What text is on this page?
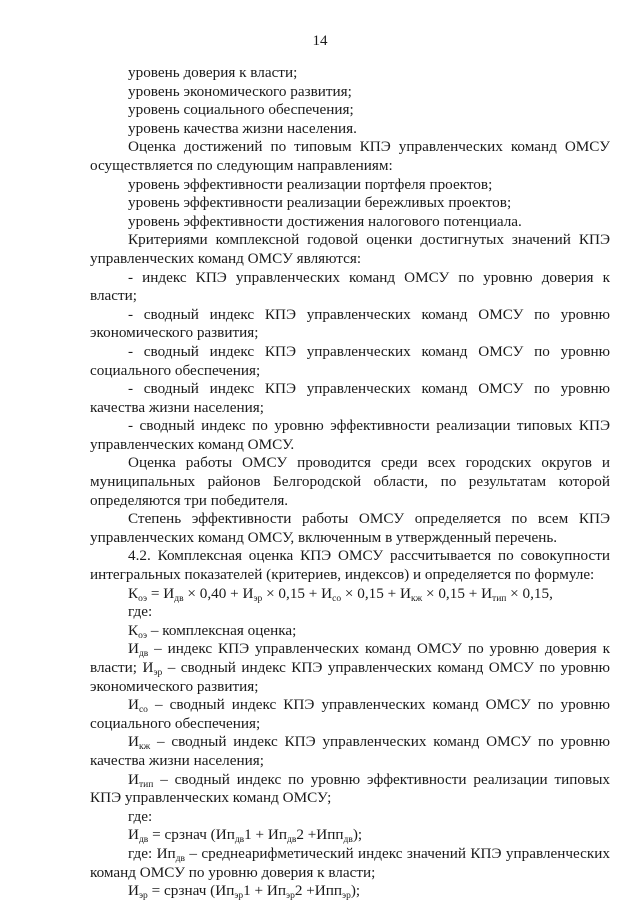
14

уровень доверия к власти;

уровень экономического развития;

уровень социального обеспечения;

уровень качества жизни населения.

Оценка достижений по типовым КПЭ управленческих команд ОМСУ осуществляется по следующим направлениям:

уровень эффективности реализации портфеля проектов;

уровень эффективности реализации бережливых проектов;

уровень эффективности достижения налогового потенциала.

Критериями комплексной годовой оценки достигнутых значений КПЭ управленческих команд ОМСУ являются:

- индекс КПЭ управленческих команд ОМСУ по уровню доверия к власти;

- сводный индекс КПЭ управленческих команд ОМСУ по уровню экономического развития;

- сводный индекс КПЭ управленческих команд ОМСУ по уровню социального обеспечения;

- сводный индекс КПЭ управленческих команд ОМСУ по уровню качества жизни населения;

- сводный индекс по уровню эффективности реализации типовых КПЭ управленческих команд ОМСУ.

Оценка работы ОМСУ проводится среди всех городских округов и муниципальных районов Белгородской области, по результатам которой определяются три победителя.

Степень эффективности работы ОМСУ определяется по всем КПЭ управленческих команд ОМСУ, включенным в утвержденный перечень.

4.2. Комплексная оценка КПЭ ОМСУ рассчитывается по совокупности интегральных показателей (критериев, индексов) и определяется по формуле:

$К_{оэ} = И_{дв} \times 0,40 + И_{эр} \times 0,15 + И_{со} \times 0,15 + И_{кж} \times 0,15 + И_{тип} \times 0,15$,

где:

$К_{оэ}$ – комплексная оценка;

$И_{дв}$ – индекс КПЭ управленческих команд ОМСУ по уровню доверия к власти; $И_{эр}$ – сводный индекс КПЭ управленческих команд ОМСУ по уровню экономического развития;

$И_{со}$ – сводный индекс КПЭ управленческих команд ОМСУ по уровню социального обеспечения;

$И_{кж}$ – сводный индекс КПЭ управленческих команд ОМСУ по уровню качества жизни населения;

$И_{тип}$ – сводный индекс по уровню эффективности реализации типовых КПЭ управленческих команд ОМСУ;

где:

$И_{дв}$ = срзнач $(Ип_{дв}1 + Ип_{дв}2 +Ипп_{дв})$;

где: $Ип_{дв}$ – среднеарифметический индекс значений КПЭ управленческих команд ОМСУ по уровню доверия к власти;

$И_{эр}$ = срзнач $(Ип_{эр}1 + Ип_{эр}2 +Ипп_{эр})$;
